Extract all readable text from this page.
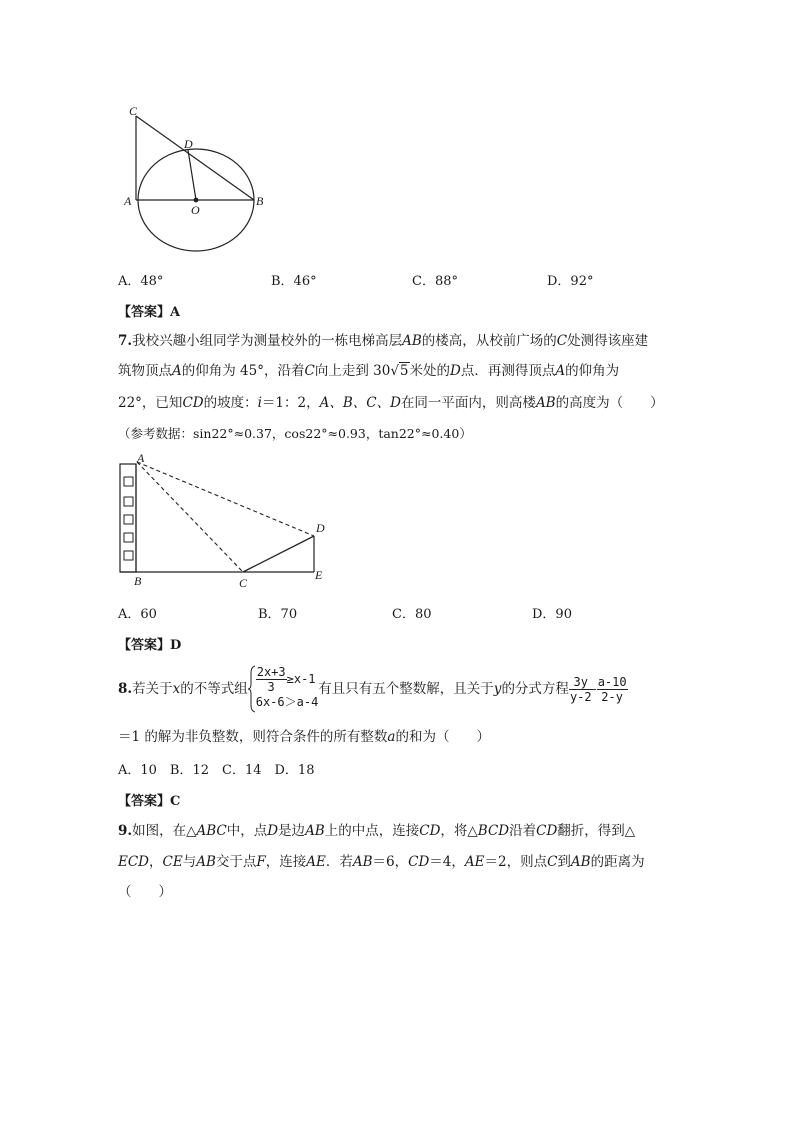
C
D
A
O
B
A．48°	B．46°	C．88°	D．92°
【答案】A
7.我校兴趣小组同学为测量校外的一栋电梯高层AB的楼高，从校前广场的C处测得该座建
筑物顶点A的仰角为 45°，沿着C向上走到 30√5米处的D点．再测得顶点A的仰角为
22°，已知CD的坡度：i＝1：2，A、B、C、D在同一平面内，则高楼AB的高度为（　　）
（参考数据：sin22°≈0.37，cos22°≈0.93，tan22°≈0.40）
A
D
B	C
E
A．60	B．70	C．80	D．90
【答案】D
8. 若关于 x 的不等式组 $\frac{2x+3}{3} \ge x-1$
6x-6＞a-4
有且只有五个整数解，且关于 y 的分式方程 $\frac{3y}{y-2} - \frac{a-10}{2-y}$
＝1 的解为非负整数，则符合条件的所有整数a的和为（　　）
A．10　B．12　C．14　D．18
【答案】C
9.如图，在△ABC中，点D是边AB上的中点，连接CD，将△BCD沿着CD翻折，得到△
ECD，CE与AB交于点F，连接AE．若AB＝6，CD＝4，AE＝2，则点C到AB的距离为
（　　）
